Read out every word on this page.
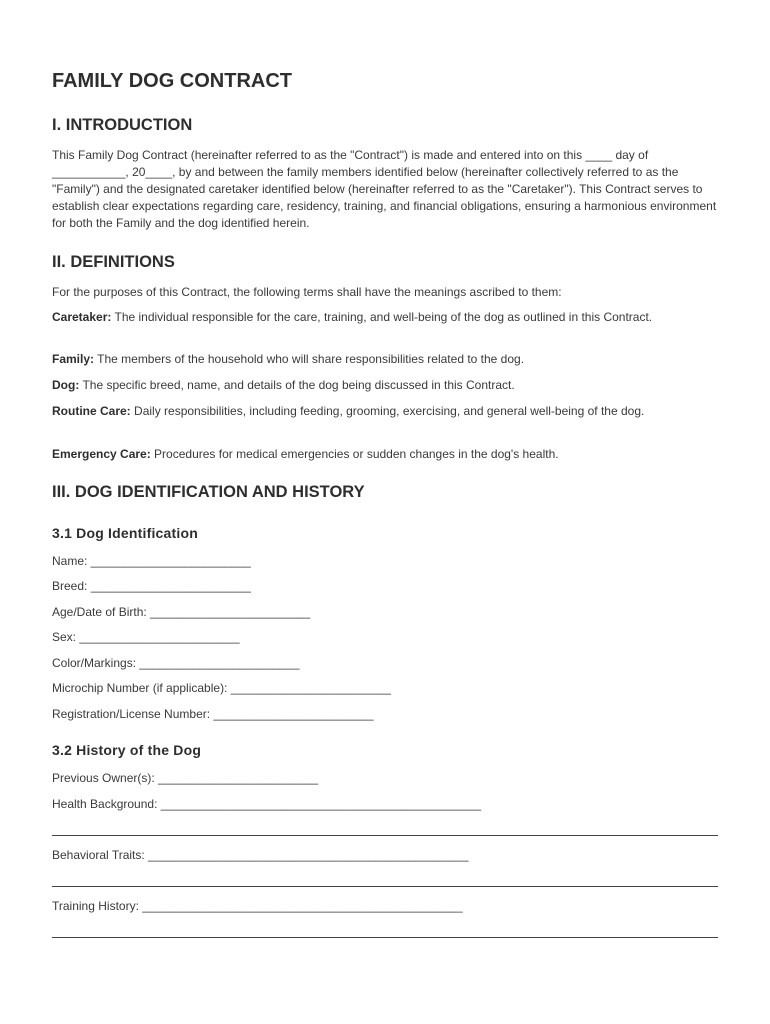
FAMILY DOG CONTRACT
I. INTRODUCTION

This Family Dog Contract (hereinafter referred to as the "Contract") is made and entered into on this ____ day of ___________, 20____, by and between the family members identified below (hereinafter collectively referred to as the "Family") and the designated caretaker identified below (hereinafter referred to as the "Caretaker"). This Contract serves to establish clear expectations regarding care, residency, training, and financial obligations, ensuring a harmonious environment for both the Family and the dog identified herein.

II. DEFINITIONS

For the purposes of this Contract, the following terms shall have the meanings ascribed to them:

Caretaker: The individual responsible for the care, training, and well-being of the dog as outlined in this Contract.

Family: The members of the household who will share responsibilities related to the dog.

Dog: The specific breed, name, and details of the dog being discussed in this Contract.

Routine Care: Daily responsibilities, including feeding, grooming, exercising, and general well-being of the dog.

Emergency Care: Procedures for medical emergencies or sudden changes in the dog's health.

III. DOG IDENTIFICATION AND HISTORY
3.1 Dog Identification

Name: ________________________

Breed: ________________________

Age/Date of Birth: ________________________

Sex: ________________________

Color/Markings: ________________________

Microchip Number (if applicable): ________________________

Registration/License Number: ________________________

3.2 History of the Dog

Previous Owner(s): ________________________

Health Background: ________________________________________________

Behavioral Traits: ________________________________________________

Training History: ________________________________________________
